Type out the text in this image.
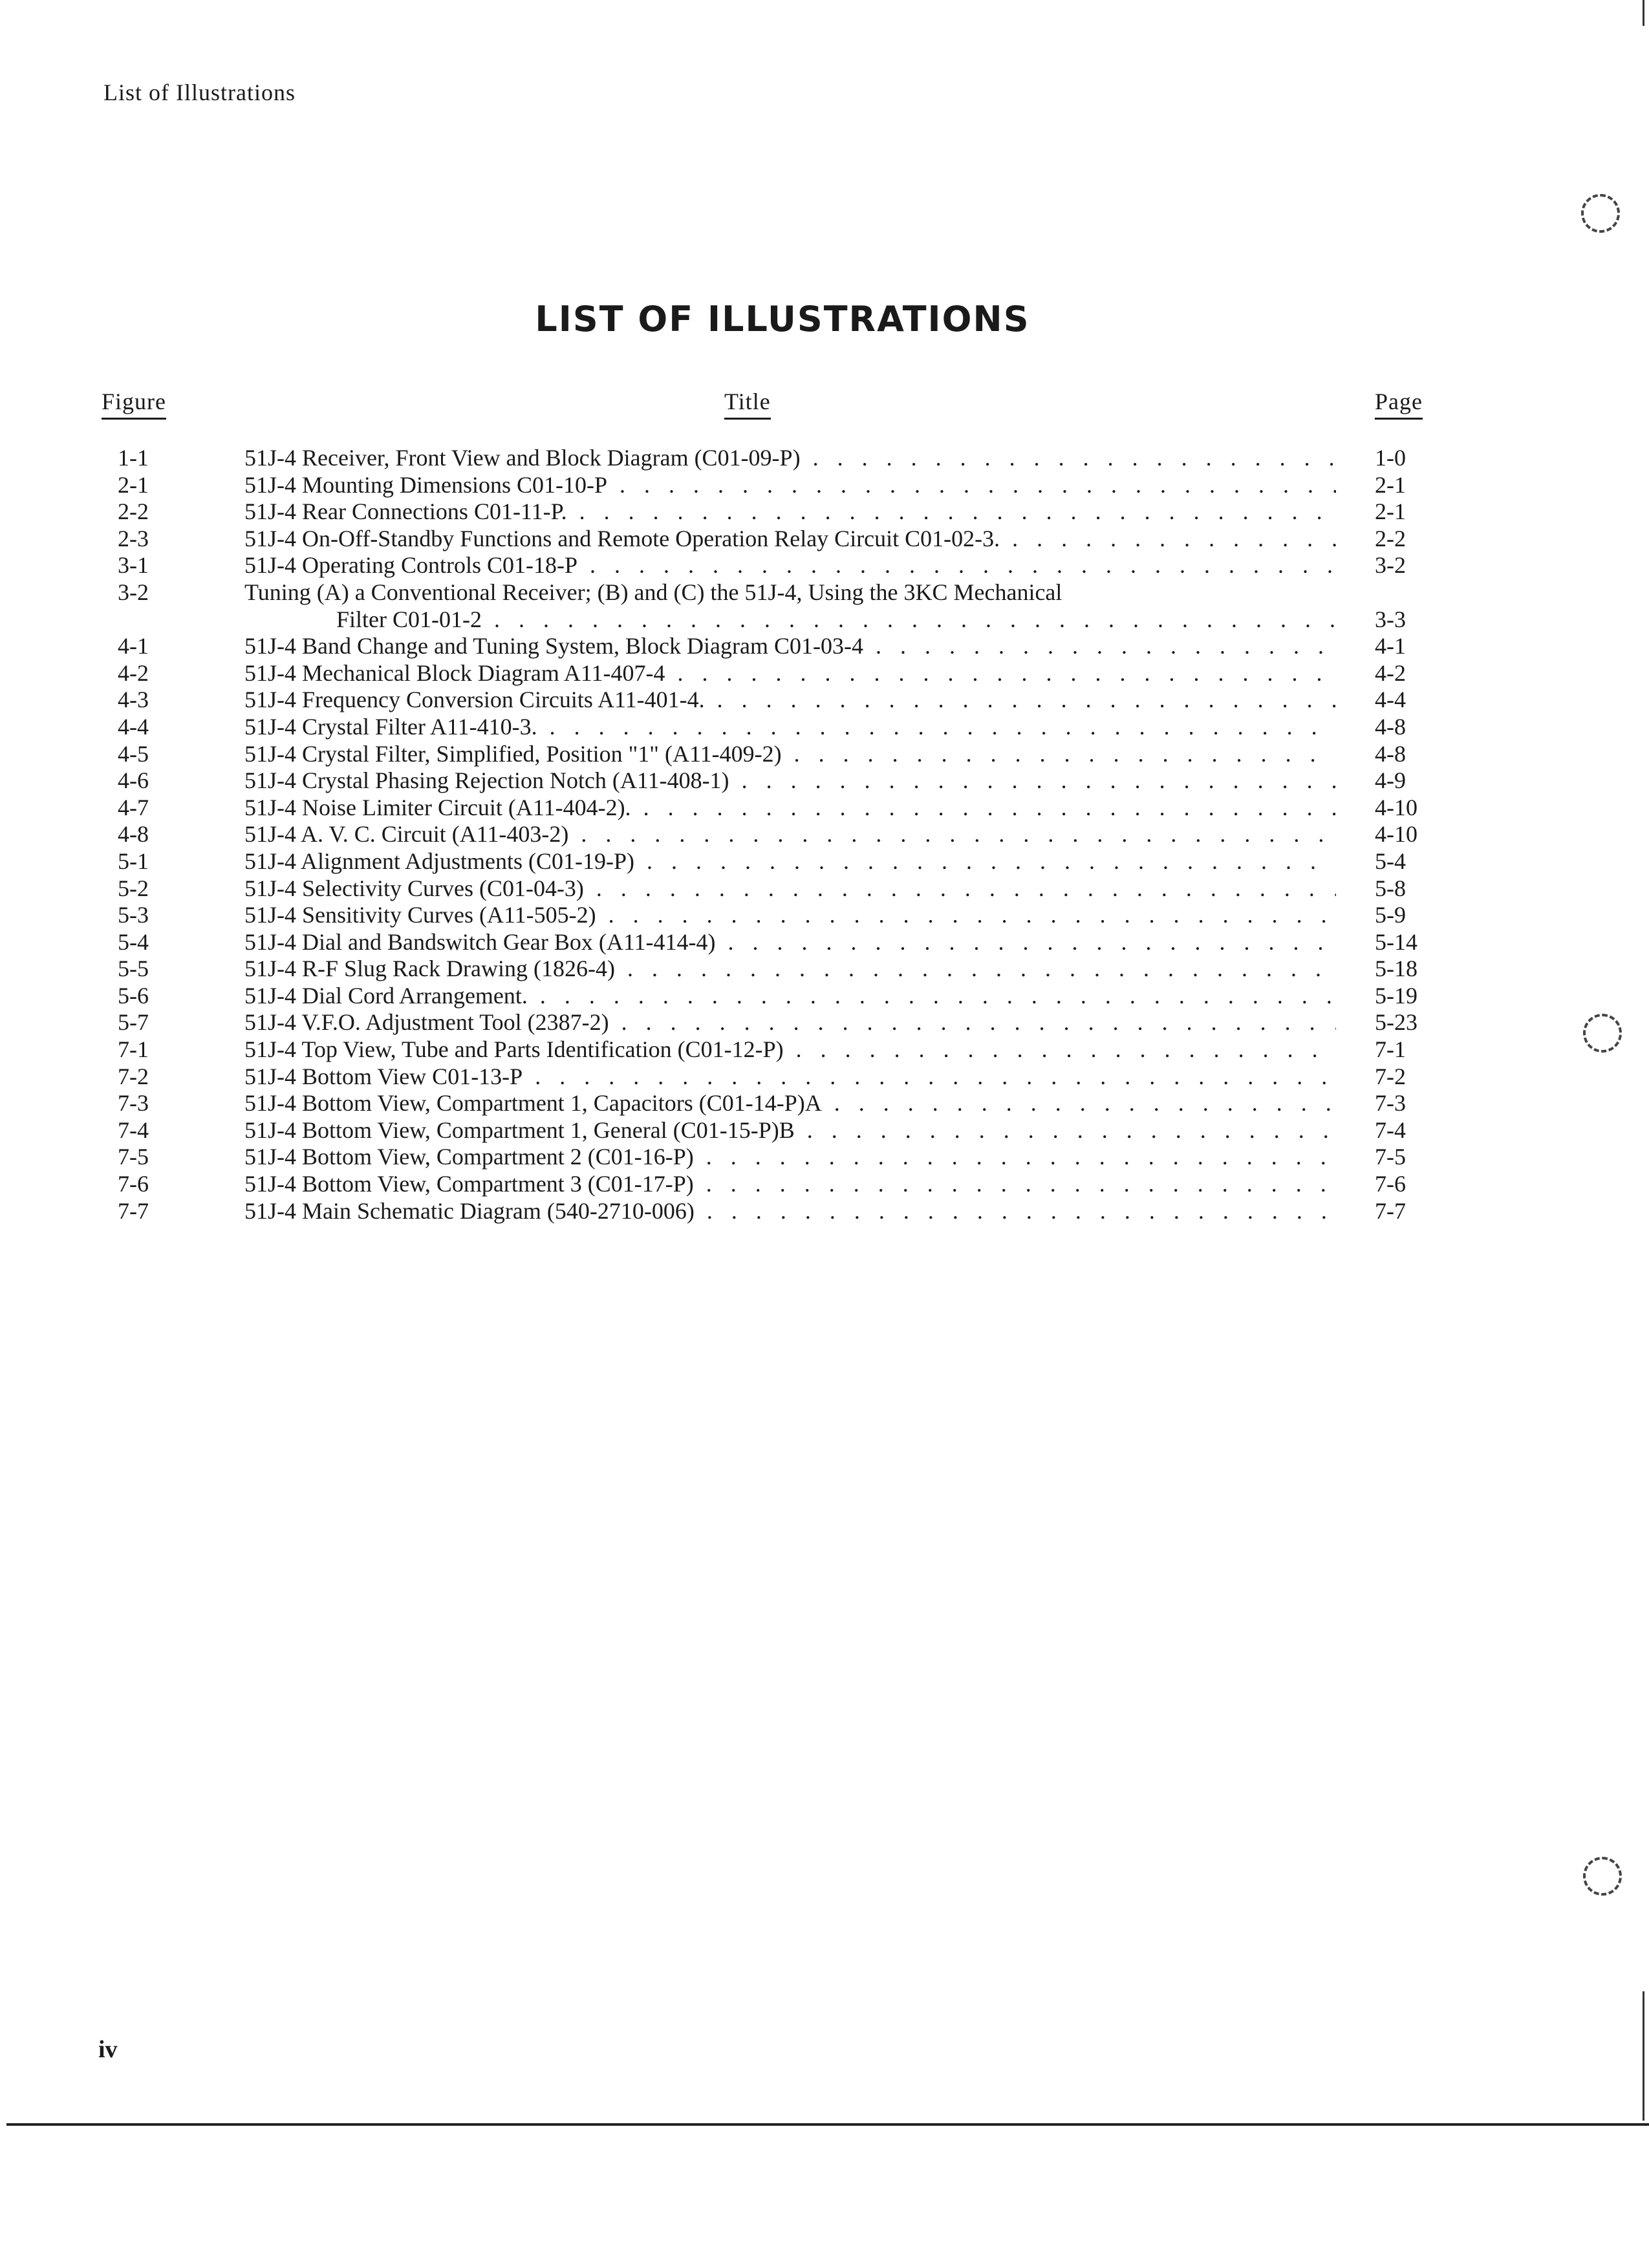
List of Illustrations
LIST OF ILLUSTRATIONS
Figure	Title	Page
1-1	51J-4 Receiver, Front View and Block Diagram (C01-09-P) . . .	1-0
2-1	51J-4 Mounting Dimensions C01-10-P . . .	2-1
2-2	51J-4 Rear Connections C01-11-P. . . .	2-1
2-3	51J-4 On-Off-Standby Functions and Remote Operation Relay Circuit C01-02-3. . . .	2-2
3-1	51J-4 Operating Controls C01-18-P . . .	3-2
3-2	Tuning (A) a Conventional Receiver; (B) and (C) the 51J-4, Using the 3KC Mechanical
Filter C01-01-2 . . .	3-3
4-1	51J-4 Band Change and Tuning System, Block Diagram C01-03-4 . . .	4-1
4-2	51J-4 Mechanical Block Diagram A11-407-4 . . .	4-2
4-3	51J-4 Frequency Conversion Circuits A11-401-4. . . .	4-4
4-4	51J-4 Crystal Filter A11-410-3. . . .	4-8
4-5	51J-4 Crystal Filter, Simplified, Position "1" (A11-409-2) . . .	4-8
4-6	51J-4 Crystal Phasing Rejection Notch (A11-408-1) . . .	4-9
4-7	51J-4 Noise Limiter Circuit (A11-404-2). . . .	4-10
4-8	51J-4 A. V. C. Circuit (A11-403-2) . . .	4-10
5-1	51J-4 Alignment Adjustments (C01-19-P) . . .	5-4
5-2	51J-4 Selectivity Curves (C01-04-3) . . .	5-8
5-3	51J-4 Sensitivity Curves (A11-505-2) . . .	5-9
5-4	51J-4 Dial and Bandswitch Gear Box (A11-414-4) . . .	5-14
5-5	51J-4 R-F Slug Rack Drawing (1826-4) . . .	5-18
5-6	51J-4 Dial Cord Arrangement. . . .	5-19
5-7	51J-4 V.F.O. Adjustment Tool (2387-2) . . .	5-23
7-1	51J-4 Top View, Tube and Parts Identification (C01-12-P) . . .	7-1
7-2	51J-4 Bottom View C01-13-P . . .	7-2
7-3	51J-4 Bottom View, Compartment 1, Capacitors (C01-14-P)A . . .	7-3
7-4	51J-4 Bottom View, Compartment 1, General (C01-15-P)B . . .	7-4
7-5	51J-4 Bottom View, Compartment 2 (C01-16-P) . . .	7-5
7-6	51J-4 Bottom View, Compartment 3 (C01-17-P) . . .	7-6
7-7	51J-4 Main Schematic Diagram (540-2710-006) . . .	7-7
iv
